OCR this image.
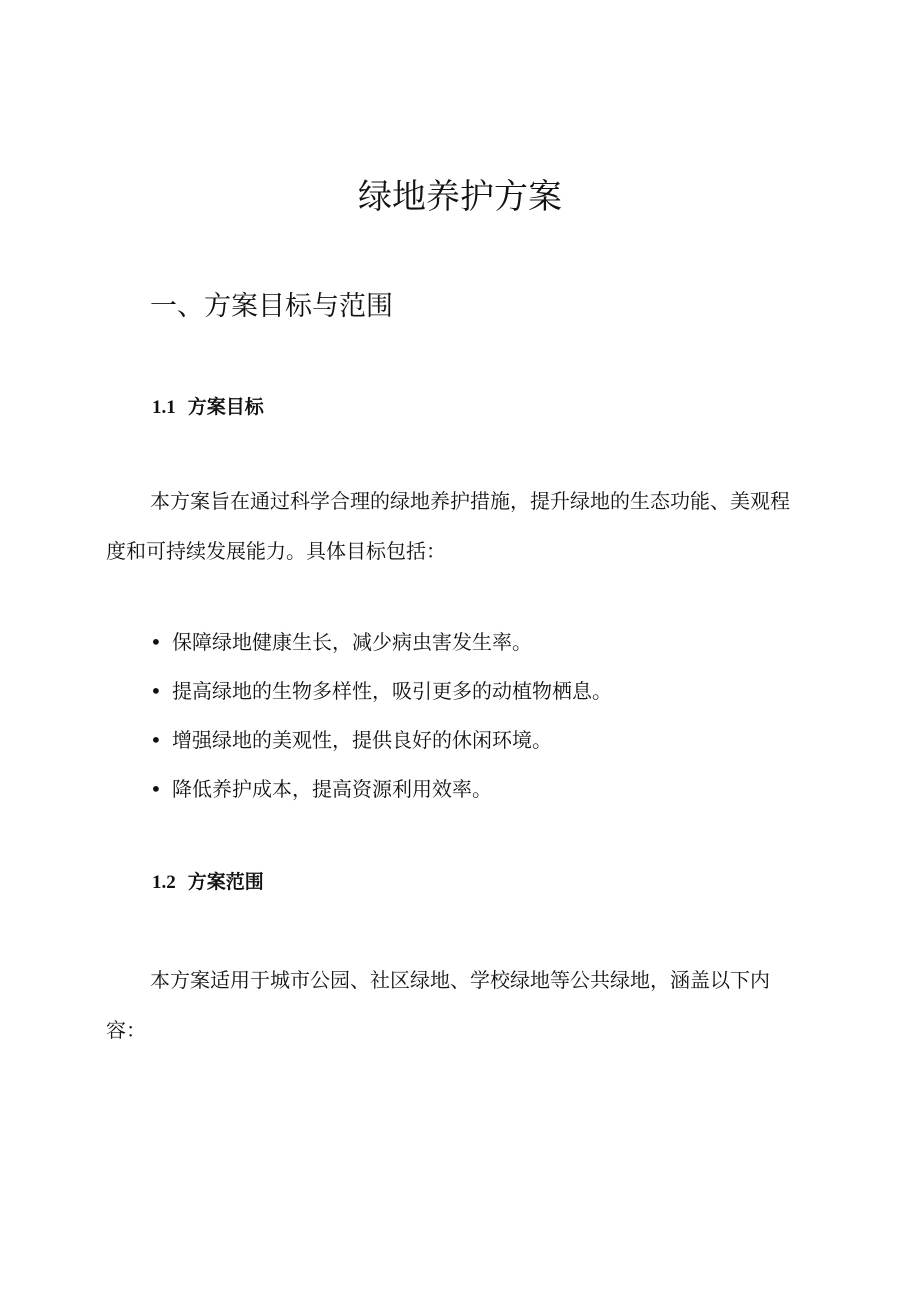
绿地养护方案
一、方案目标与范围
1.1 方案目标

本方案旨在通过科学合理的绿地养护措施，提升绿地的生态功能、美观程度和可持续发展能力。具体目标包括：

• 保障绿地健康生长，减少病虫害发生率。
• 提高绿地的生物多样性，吸引更多的动植物栖息。
• 增强绿地的美观性，提供良好的休闲环境。
• 降低养护成本，提高资源利用效率。
1.2 方案范围

本方案适用于城市公园、社区绿地、学校绿地等公共绿地，涵盖以下内容：
